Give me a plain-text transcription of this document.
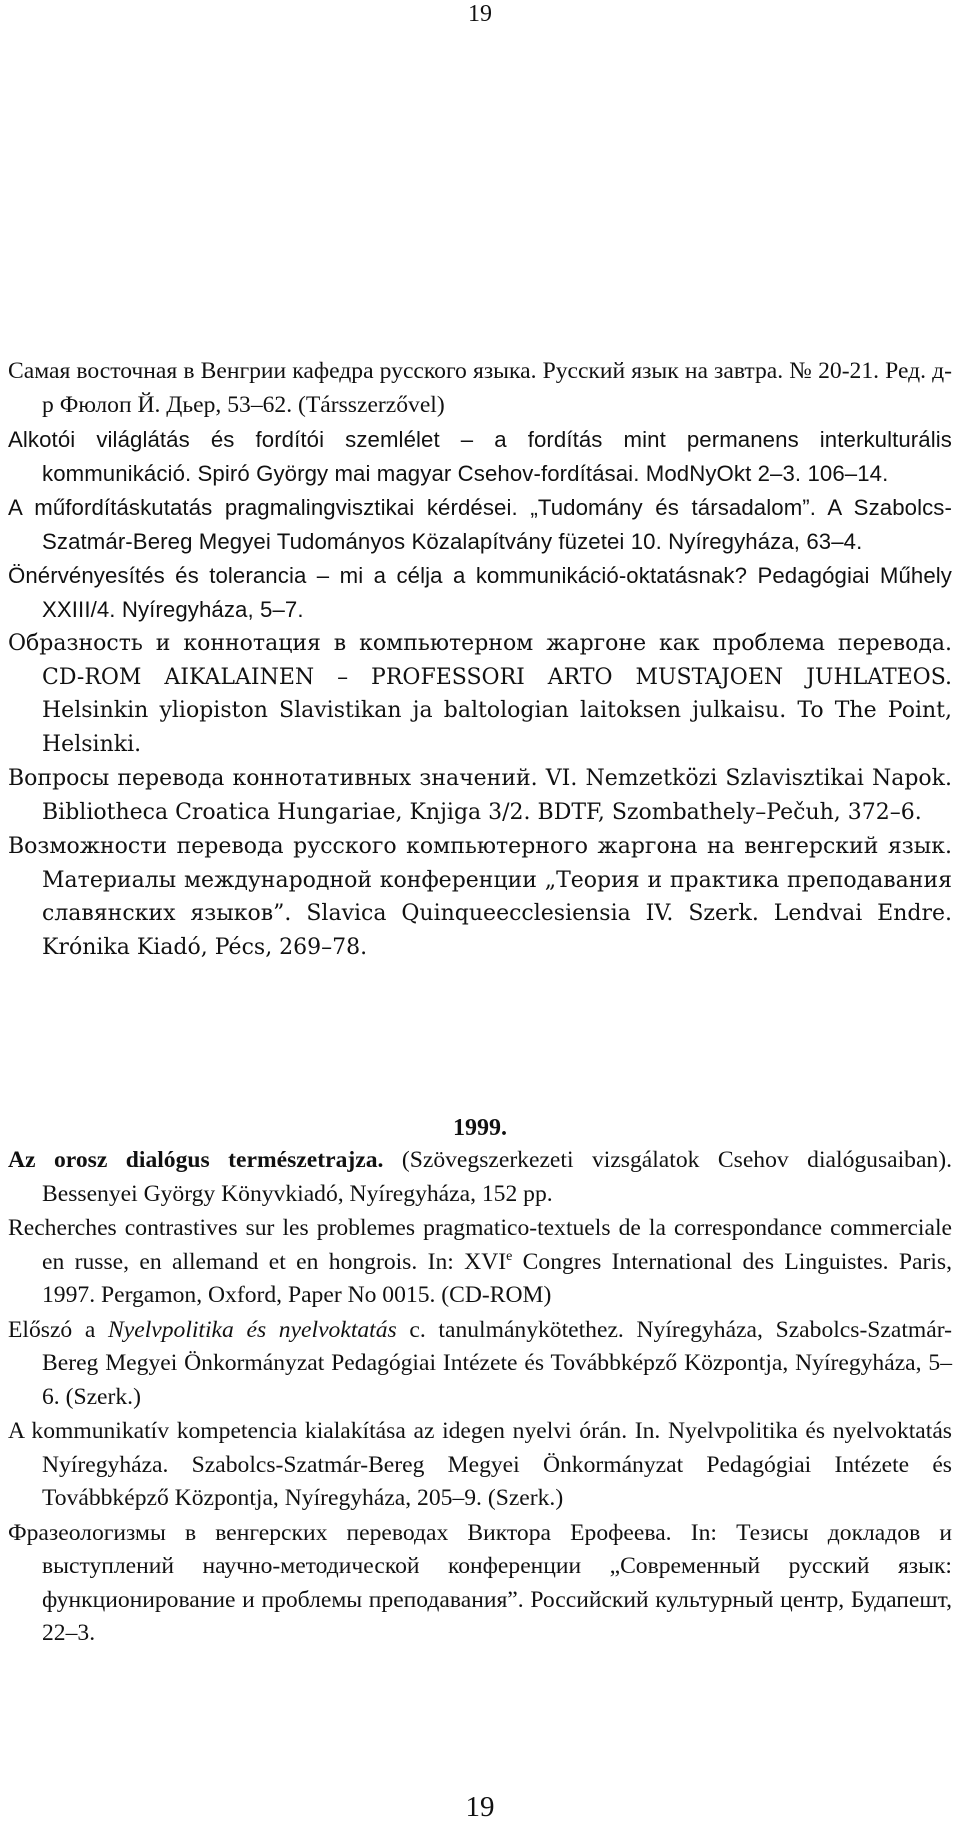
19

Самая восточная в Венгрии кафедра русского языка. Русский язык на завтра. № 20-21. Ред. д-р Фюлоп Й. Дьер, 53–62. (Társszerzővel)

Alkotói világlátás és fordítói szemlélet – a fordítás mint permanens interkulturális kommunikáció. Spiró György mai magyar Csehov-fordításai. ModNyOkt 2–3. 106–14.

A műfordításkutatás pragmalingvisztikai kérdései. „Tudomány és társadalom”. A Szabolcs-Szatmár-Bereg Megyei Tudományos Közalapítvány füzetei 10. Nyíregyháza, 63–4.

Önérvényesítés és tolerancia – mi a célja a kommunikáció-oktatásnak? Pedagógiai Műhely XXIII/4. Nyíregyháza, 5–7.

Образность и коннотация в компьютерном жаргоне как проблема перевода. CD-ROM AIKALAINEN – PROFESSORI ARTO MUSTAJOEN JUHLATEOS. Helsinkin yliopiston Slavistikan ja baltologian laitoksen julkaisu. To The Point, Helsinki.

Вопросы перевода коннотативных значений. VI. Nemzetközi Szlavisztikai Napok. Bibliotheca Croatica Hungariae, Knjiga 3/2. BDTF, Szombathely–Pečuh, 372–6.

Возможности перевода русского компьютерного жаргона на венгерский язык. Материалы международной конференции „Теория и практика преподавания славянских языков”. Slavica Quinqueecclesiensia IV. Szerk. Lendvai Endre. Krónika Kiadó, Pécs, 269–78.

1999.

Az orosz dialógus természetrajza. (Szövegszerkezeti vizsgálatok Csehov dialógusaiban). Bessenyei György Könyvkiadó, Nyíregyháza, 152 pp.

Recherches contrastives sur les problemes pragmatico-textuels de la correspondance commerciale en russe, en allemand et en hongrois. In: XVIe Congres International des Linguistes. Paris, 1997. Pergamon, Oxford, Paper No 0015. (CD-ROM)

Előszó a Nyelvpolitika és nyelvoktatás c. tanulmánykötethez. Nyíregyháza, Szabolcs-Szatmár-Bereg Megyei Önkormányzat Pedagógiai Intézete és Továbbképző Központja, Nyíregyháza, 5–6. (Szerk.)

A kommunikatív kompetencia kialakítása az idegen nyelvi órán. In. Nyelvpolitika és nyelvoktatás Nyíregyháza. Szabolcs-Szatmár-Bereg Megyei Önkormányzat Pedagógiai Intézete és Továbbképző Központja, Nyíregyháza, 205–9. (Szerk.)

Фразеологизмы в венгерских переводах Виктора Ерофеева. In: Тезисы докладов и выступлений научно-методической конференции „Современный русский язык: функционирование и проблемы преподавания”. Российский культурный центр, Будапешт, 22–3.

19
